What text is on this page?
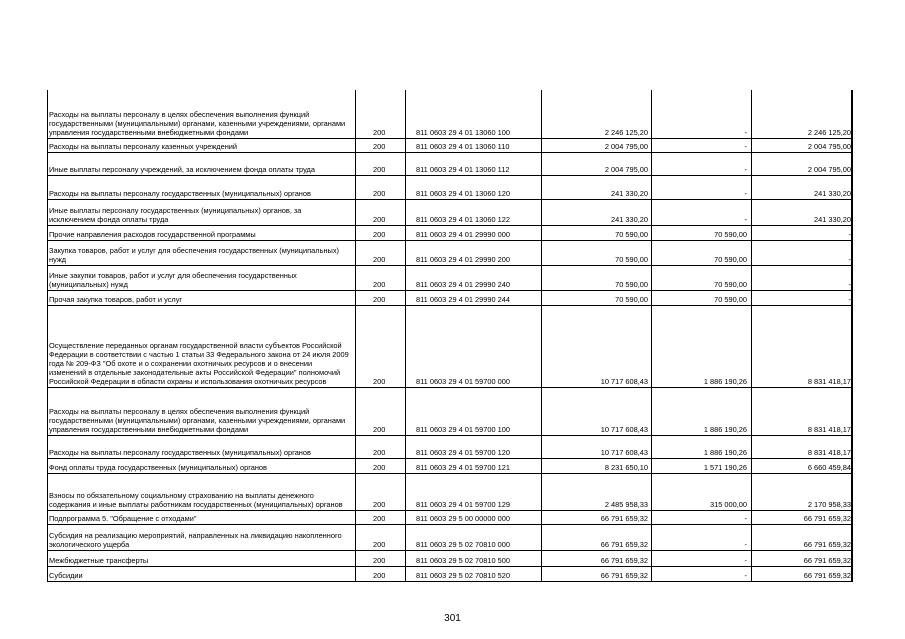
Расходы на выплаты персоналу в целях обеспечения выполнения функций государственными (муниципальными) органами, казенными учреждениями, органами управления государственными внебюджетными фондами	200	811 0603 29 4 01 13060 100	2 246 125,20	-	2 246 125,20
Расходы на выплаты персоналу казенных учреждений	200	811 0603 29 4 01 13060 110	2 004 795,00	-	2 004 795,00
Иные выплаты персоналу учреждений, за исключением фонда оплаты труда	200	811 0603 29 4 01 13060 112	2 004 795,00	-	2 004 795,00
Расходы на выплаты персоналу государственных (муниципальных) органов	200	811 0603 29 4 01 13060 120	241 330,20	-	241 330,20
Иные выплаты персоналу государственных (муниципальных) органов, за исключением фонда оплаты труда	200	811 0603 29 4 01 13060 122	241 330,20	-	241 330,20
Прочие направления расходов государственной программы	200	811 0603 29 4 01 29990 000	70 590,00	70 590,00	-
Закупка товаров, работ и услуг для обеспечения государственных (муниципальных) нужд	200	811 0603 29 4 01 29990 200	70 590,00	70 590,00	-
Иные закупки товаров, работ и услуг для обеспечения государственных (муниципальных) нужд	200	811 0603 29 4 01 29990 240	70 590,00	70 590,00	-
Прочая закупка товаров, работ и услуг	200	811 0603 29 4 01 29990 244	70 590,00	70 590,00	-
Осуществление переданных органам государственной власти субъектов Российской Федерации в соответствии с частью 1 статьи 33 Федерального закона от 24 июля 2009 года № 209-ФЗ "Об охоте и о сохранении охотничьих ресурсов и о внесении изменений в отдельные законодательные акты Российской Федерации" полномочий Российской Федерации в области охраны и использования охотничьих ресурсов	200	811 0603 29 4 01 59700 000	10 717 608,43	1 886 190,26	8 831 418,17
Расходы на выплаты персоналу в целях обеспечения выполнения функций государственными (муниципальными) органами, казенными учреждениями, органами управления государственными внебюджетными фондами	200	811 0603 29 4 01 59700 100	10 717 608,43	1 886 190,26	8 831 418,17
Расходы на выплаты персоналу государственных (муниципальных) органов	200	811 0603 29 4 01 59700 120	10 717 608,43	1 886 190,26	8 831 418,17
Фонд оплаты труда государственных (муниципальных) органов	200	811 0603 29 4 01 59700 121	8 231 650,10	1 571 190,26	6 660 459,84
Взносы по обязательному социальному страхованию на выплаты денежного содержания и иные выплаты работникам государственных (муниципальных) органов	200	811 0603 29 4 01 59700 129	2 485 958,33	315 000,00	2 170 958,33
Подпрограмма 5. "Обращение с отходами"	200	811 0603 29 5 00 00000 000	66 791 659,32	-	66 791 659,32
Субсидия на реализацию мероприятий, направленных на ликвидацию накопленного экологического ущерба	200	811 0603 29 5 02 70810 000	66 791 659,32	-	66 791 659,32
Межбюджетные трансферты	200	811 0603 29 5 02 70810 500	66 791 659,32	-	66 791 659,32
Субсидии	200	811 0603 29 5 02 70810 520	66 791 659,32	-	66 791 659,32
301
